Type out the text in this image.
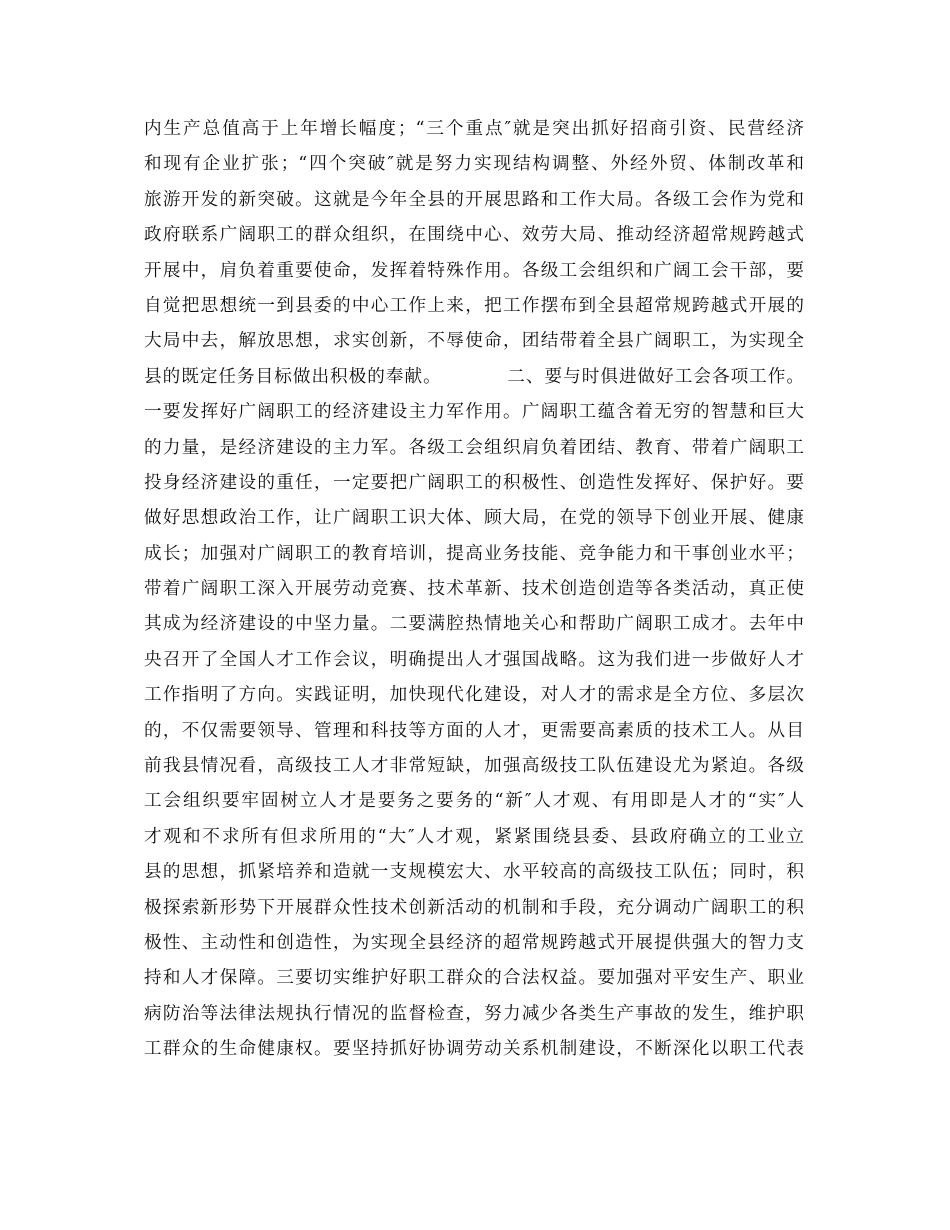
内生产总值高于上年增长幅度；“三个重点″就是突出抓好招商引资、民营经济
和现有企业扩张；“四个突破″就是努力实现结构调整、外经外贸、体制改革和
旅游开发的新突破。这就是今年全县的开展思路和工作大局。各级工会作为党和
政府联系广阔职工的群众组织，在围绕中心、效劳大局、推动经济超常规跨越式
开展中，肩负着重要使命，发挥着特殊作用。各级工会组织和广阔工会干部，要
自觉把思想统一到县委的中心工作上来，把工作摆布到全县超常规跨越式开展的
大局中去，解放思想，求实创新，不辱使命，团结带着全县广阔职工，为实现全
县的既定任务目标做出积极的奉献。　　　　二、要与时俱进做好工会各项工作。
一要发挥好广阔职工的经济建设主力军作用。广阔职工蕴含着无穷的智慧和巨大
的力量，是经济建设的主力军。各级工会组织肩负着团结、教育、带着广阔职工
投身经济建设的重任，一定要把广阔职工的积极性、创造性发挥好、保护好。要
做好思想政治工作，让广阔职工识大体、顾大局，在党的领导下创业开展、健康
成长；加强对广阔职工的教育培训，提高业务技能、竞争能力和干事创业水平；
带着广阔职工深入开展劳动竞赛、技术革新、技术创造创造等各类活动，真正使
其成为经济建设的中坚力量。二要满腔热情地关心和帮助广阔职工成才。去年中
央召开了全国人才工作会议，明确提出人才强国战略。这为我们进一步做好人才
工作指明了方向。实践证明，加快现代化建设，对人才的需求是全方位、多层次
的，不仅需要领导、管理和科技等方面的人才，更需要高素质的技术工人。从目
前我县情况看，高级技工人才非常短缺，加强高级技工队伍建设尤为紧迫。各级
工会组织要牢固树立人才是要务之要务的“新″人才观、有用即是人才的“实″人
才观和不求所有但求所用的“大″人才观，紧紧围绕县委、县政府确立的工业立
县的思想，抓紧培养和造就一支规模宏大、水平较高的高级技工队伍；同时，积
极探索新形势下开展群众性技术创新活动的机制和手段，充分调动广阔职工的积
极性、主动性和创造性，为实现全县经济的超常规跨越式开展提供强大的智力支
持和人才保障。三要切实维护好职工群众的合法权益。要加强对平安生产、职业
病防治等法律法规执行情况的监督检查，努力减少各类生产事故的发生，维护职
工群众的生命健康权。要坚持抓好协调劳动关系机制建设，不断深化以职工代表
